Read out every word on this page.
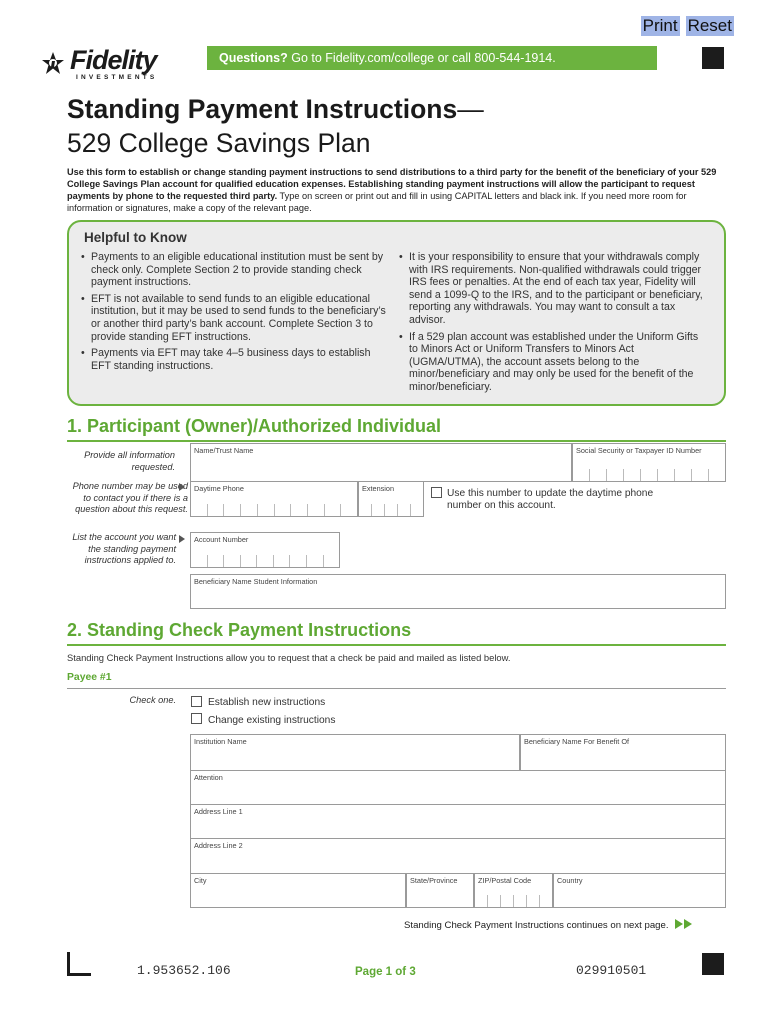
Print Reset
Fidelity
INVESTMENTS
Questions? Go to Fidelity.com/college or call 800-544-1914.
Standing Payment Instructions—
529 College Savings Plan
Use this form to establish or change standing payment instructions to send distributions to a third party for the benefit of the beneficiary of your 529 College Savings Plan account for qualified education expenses. Establishing standing payment instructions will allow the participant to request payments by phone to the requested third party. Type on screen or print out and fill in using CAPITAL letters and black ink. If you need more room for information or signatures, make a copy of the relevant page.
Helpful to Know
• Payments to an eligible educational institution must be sent by check only. Complete Section 2 to provide standing check payment instructions.
• EFT is not available to send funds to an eligible educational institution, but it may be used to send funds to the beneficiary’s or another third party’s bank account. Complete Section 3 to provide standing EFT instructions.
• Payments via EFT may take 4–5 business days to establish EFT standing instructions.
• It is your responsibility to ensure that your withdrawals comply with IRS requirements. Non-qualified withdrawals could trigger IRS fees or penalties. At the end of each tax year, Fidelity will send a 1099-Q to the IRS, and to the participant or beneficiary, reporting any withdrawals. You may want to consult a tax advisor.
• If a 529 plan account was established under the Uniform Gifts to Minors Act or Uniform Transfers to Minors Act (UGMA/UTMA), the account assets belong to the minor/beneficiary and may only be used for the benefit of the minor/beneficiary.
1. Participant (Owner)/Authorized Individual
Provide all information requested.
Phone number may be used to contact you if there is a question about this request.
List the account you want the standing payment instructions applied to.
Name/Trust Name	Social Security or Taxpayer ID Number
Daytime Phone	Extension	Use this number to update the daytime phone number on this account.
Account Number
Beneficiary Name Student Information
2. Standing Check Payment Instructions
Standing Check Payment Instructions allow you to request that a check be paid and mailed as listed below.
Payee #1
Check one.	Establish new instructions
Change existing instructions
Institution Name	Beneficiary Name For Benefit Of
Attention
Address Line 1
Address Line 2
City	State/Province	ZIP/Postal Code	Country
Standing Check Payment Instructions continues on next page.
1.953652.106	Page 1 of 3	029910501
